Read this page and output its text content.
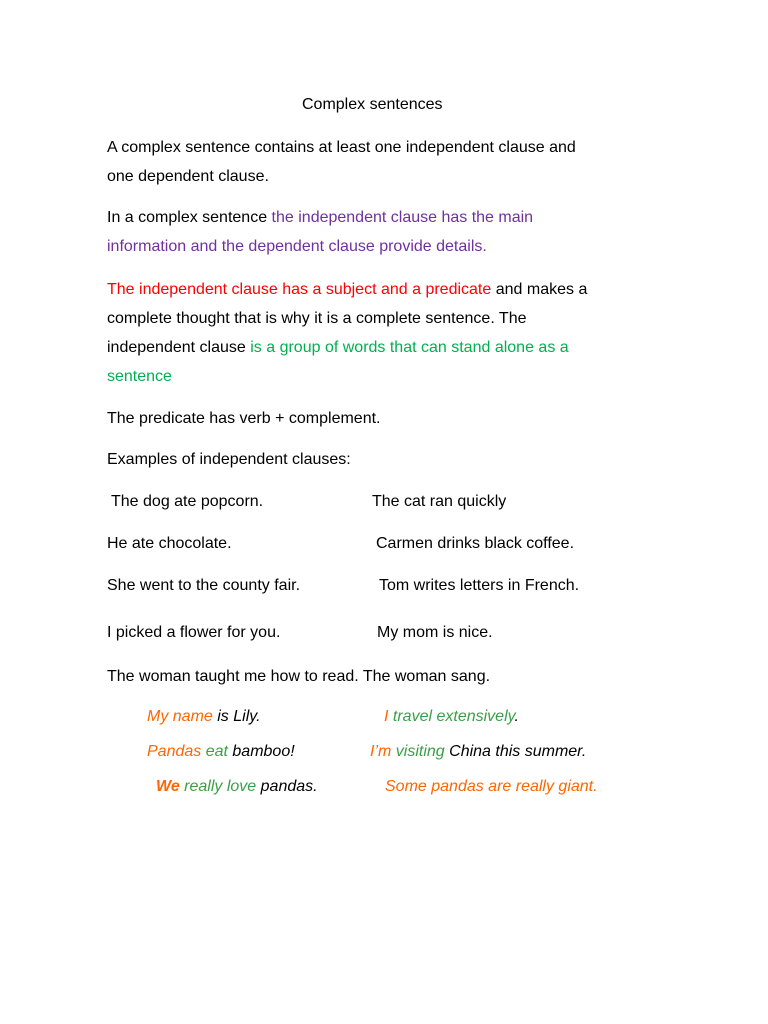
Complex sentences
A complex sentence contains at least one independent clause and
one dependent clause.
In a complex sentence the independent clause has the main
information and the dependent clause provide details.
The independent clause has a subject and a predicate and makes a
complete thought that is why it is a complete sentence. The
independent clause is a group of words that can stand alone as a
sentence
The predicate has verb + complement.
Examples of independent clauses:
The dog ate popcorn.	The cat ran quickly
He ate chocolate.	Carmen drinks black coffee.
She went to the county fair.	Tom writes letters in French.
I picked a flower for you.	My mom is nice.
The woman taught me how to read. The woman sang.
My name is Lily.	I travel extensively.
Pandas eat bamboo!	I’m visiting China this summer.
We really love pandas.	Some pandas are really giant.
